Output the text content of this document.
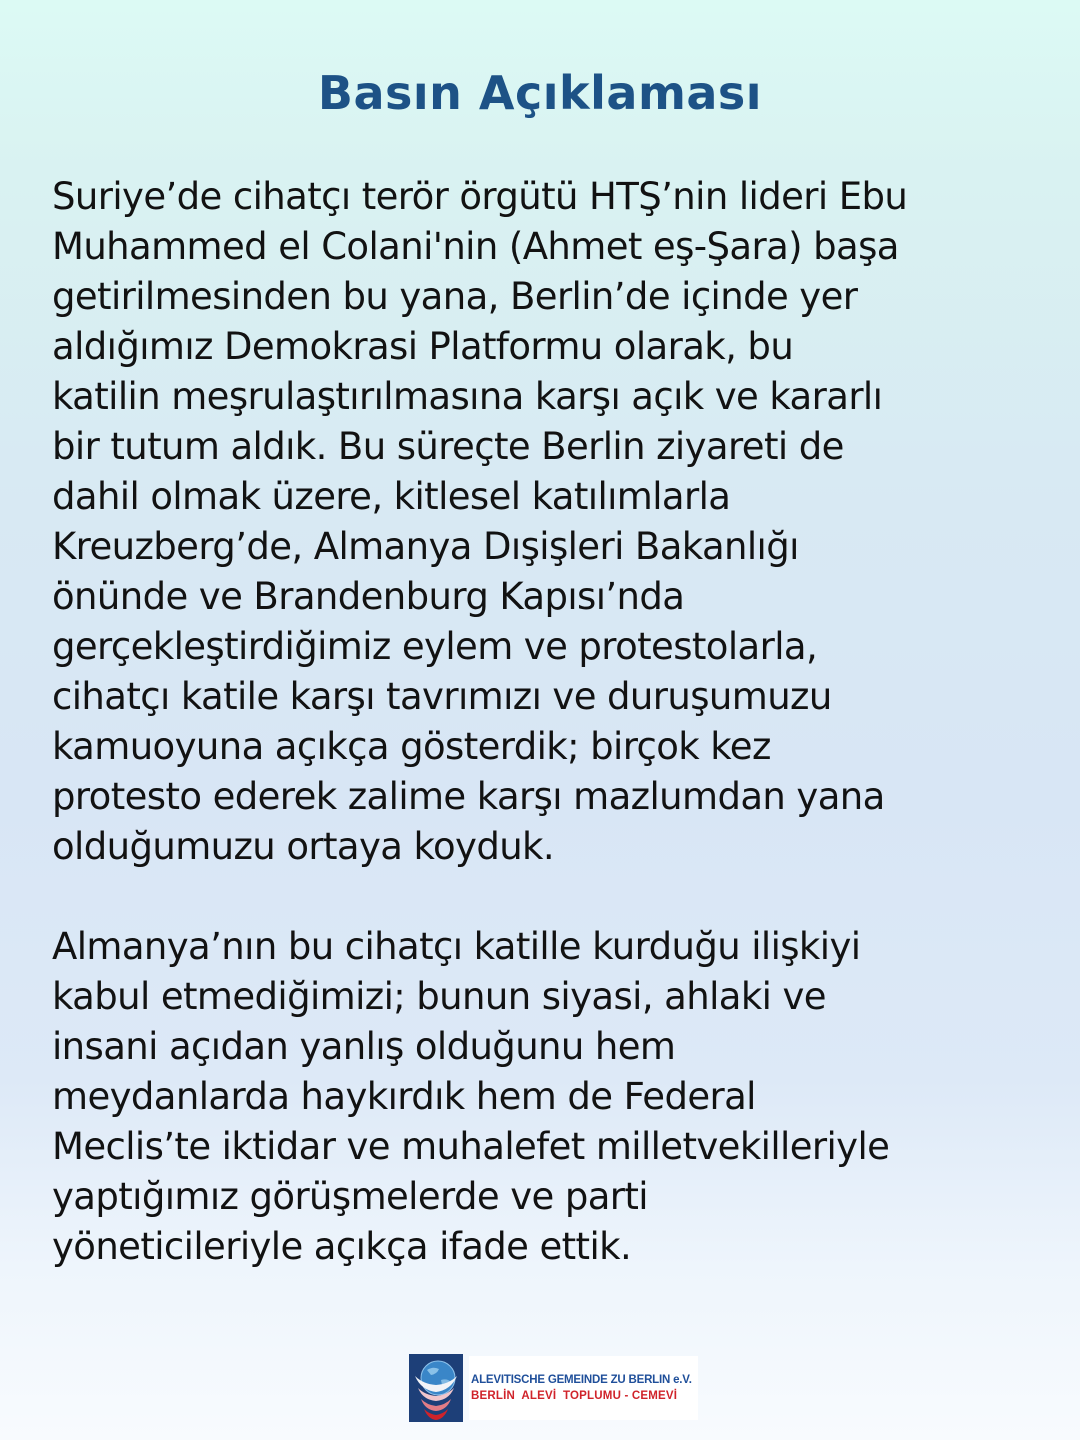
Basın Açıklaması
Suriye’de cihatçı terör örgütü HTŞ’nin lideri Ebu
Muhammed el Colani'nin (Ahmet eş-Şara) başa
getirilmesinden bu yana, Berlin’de içinde yer
aldığımız Demokrasi Platformu olarak, bu
katilin meşrulaştırılmasına karşı açık ve kararlı
bir tutum aldık. Bu süreçte Berlin ziyareti de
dahil olmak üzere, kitlesel katılımlarla
Kreuzberg’de, Almanya Dışişleri Bakanlığı
önünde ve Brandenburg Kapısı’nda
gerçekleştirdiğimiz eylem ve protestolarla,
cihatçı katile karşı tavrımızı ve duruşumuzu
kamuoyuna açıkça gösterdik; birçok kez
protesto ederek zalime karşı mazlumdan yana
olduğumuzu ortaya koyduk.
Almanya’nın bu cihatçı katille kurduğu ilişkiyi
kabul etmediğimizi; bunun siyasi, ahlaki ve
insani açıdan yanlış olduğunu hem
meydanlarda haykırdık hem de Federal
Meclis’te iktidar ve muhalefet milletvekilleriyle
yaptığımız görüşmelerde ve parti
yöneticileriyle açıkça ifade ettik.
ALEVITISCHE GEMEINDE ZU BERLIN e.V.
BERLİN  ALEVİ  TOPLUMU - CEMEVİ
